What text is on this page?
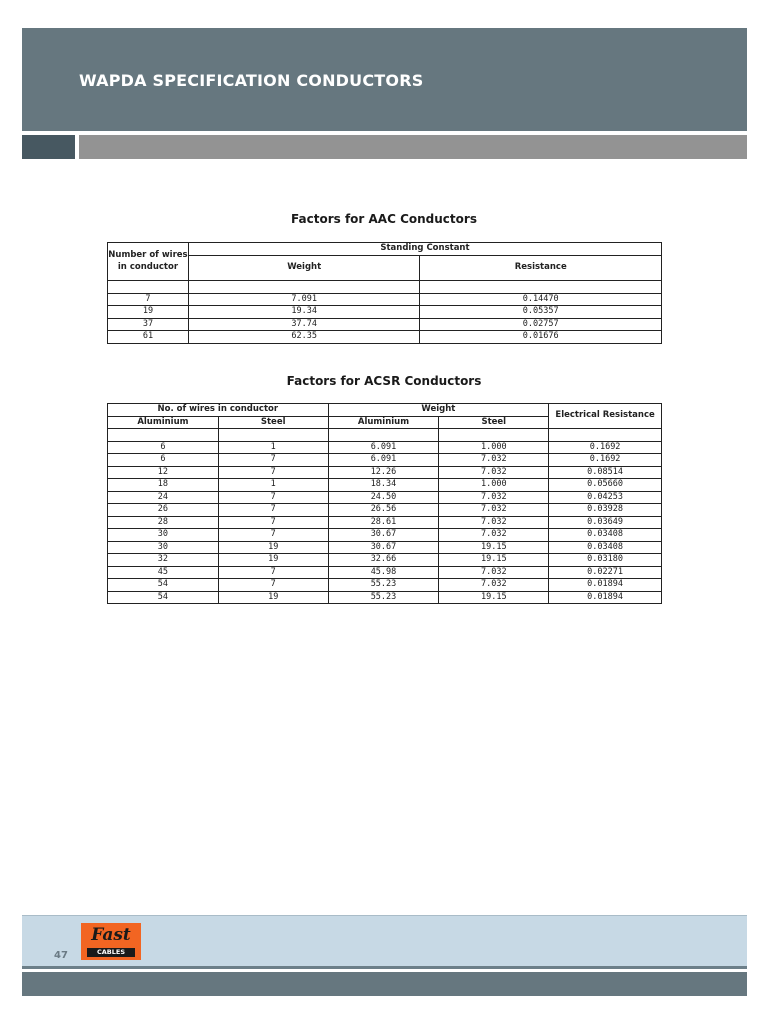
WAPDA SPECIFICATION CONDUCTORS
Factors for AAC Conductors
Number of wires in conductor	Standing Constant	
	Weight	Resistance

7	7.091	0.14470
19	19.34	0.05357
37	37.74	0.02757
61	62.35	0.01676
Factors for ACSR Conductors
No. of wires in conductor		Weight		Electrical Resistance
Aluminium	Steel	Aluminium	Steel	

6	1	6.091	1.000	0.1692
6	7	6.091	7.032	0.1692
12	7	12.26	7.032	0.08514
18	1	18.34	1.000	0.05660
24	7	24.50	7.032	0.04253
26	7	26.56	7.032	0.03928
28	7	28.61	7.032	0.03649
30	7	30.67	7.032	0.03408
30	19	30.67	19.15	0.03408
32	19	32.66	19.15	0.03180
45	7	45.98	7.032	0.02271
54	7	55.23	7.032	0.01894
54	19	55.23	19.15	0.01894
47
Fast
CABLES
